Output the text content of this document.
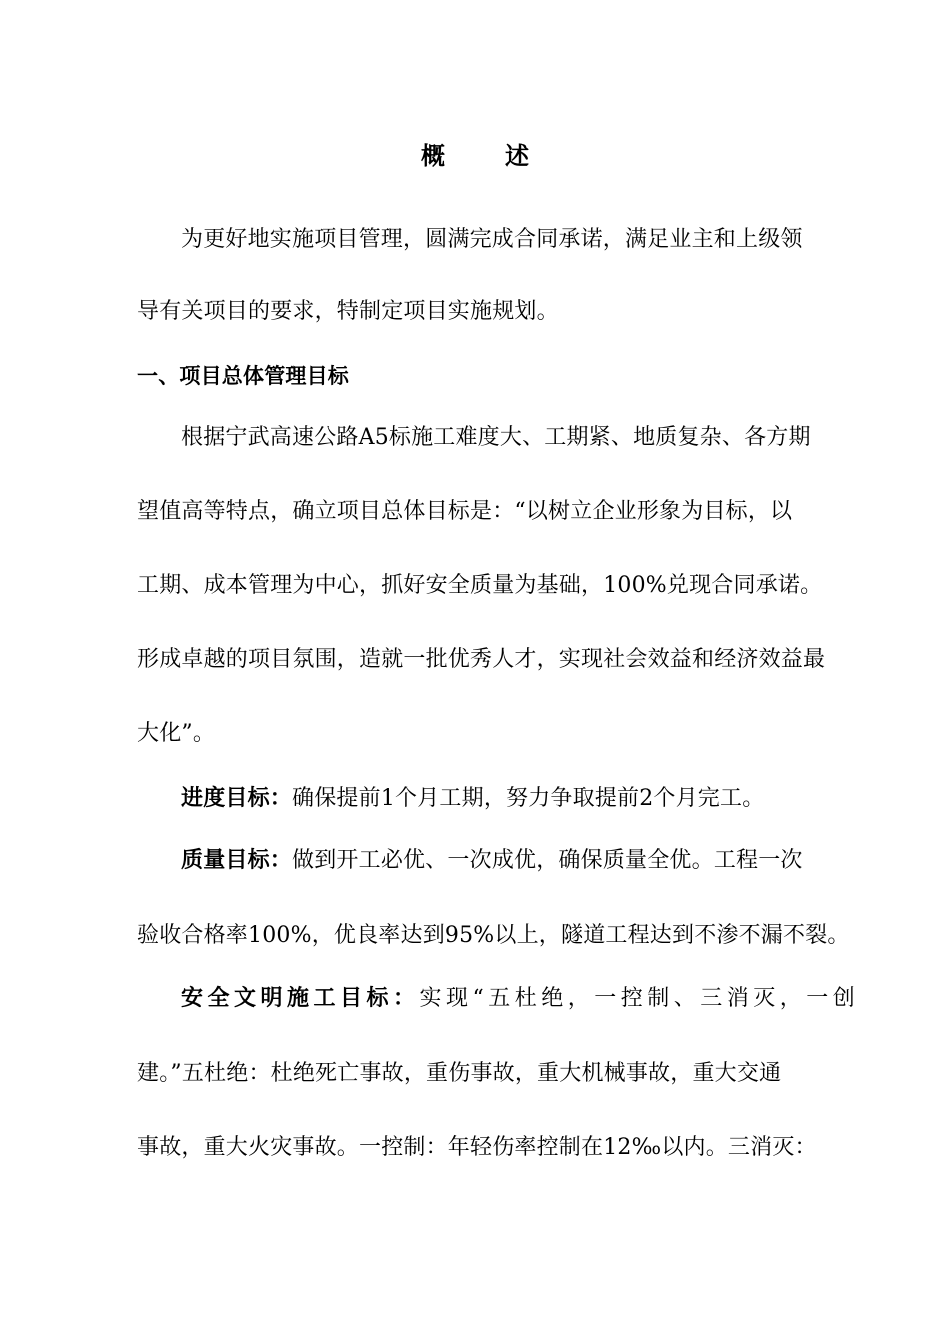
概述
为更好地实施项目管理，圆满完成合同承诺，满足业主和上级领
导有关项目的要求，特制定项目实施规划。
一、项目总体管理目标
根据宁武高速公路A5标施工难度大、工期紧、地质复杂、各方期
望值高等特点，确立项目总体目标是：“以树立企业形象为目标，以
工期、成本管理为中心，抓好安全质量为基础，100%兑现合同承诺。
形成卓越的项目氛围，造就一批优秀人才，实现社会效益和经济效益最
大化”。
进度目标：确保提前1个月工期，努力争取提前2个月完工。
质量目标：做到开工必优、一次成优，确保质量全优。工程一次
验收合格率100%，优良率达到95%以上，隧道工程达到不渗不漏不裂。
安全文明施工目标：实现“五杜绝，一控制、三消灭，一创
建。”五杜绝：杜绝死亡事故，重伤事故，重大机械事故，重大交通
事故，重大火灾事故。一控制：年轻伤率控制在12‰以内。三消灭：
